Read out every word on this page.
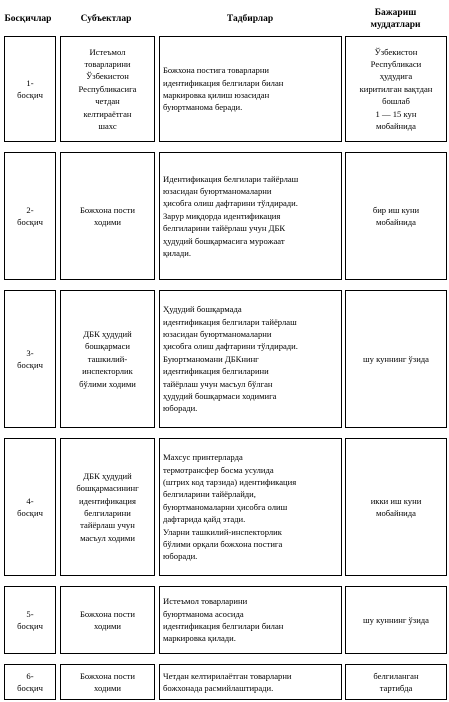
Босқичлар	Субъектлар	Тадбирлар
Бажариш
муддатлари
1-
босқич
Истеъмол
товарларини
Ўзбекистон
Республикасига
четдан
келтираётган
шахс
Божхона постига товарларни
идентификация белгилари билан
маркировка қилиш юзасидан
буюртманома беради.
Ўзбекистон
Республикаси
ҳудудига
киритилган вақтдан
бошлаб
1 — 15 кун
мобайнида
2-
босқич
Божхона пости
ходими
Идентификация белгилари тайёрлаш
юзасидан буюртманомаларни
ҳисобга олиш дафтарини тўлдиради.
Зарур миқдорда идентификация
белгиларини тайёрлаш учун ДБК
ҳудудий бошқармасига мурожаат
қилади.
бир иш куни
мобайнида
3-
босқич
ДБК ҳудудий
бошқармаси
ташкилий-
инспекторлик
бўлими ходими
Ҳудудий бошқармада
идентификация белгилари тайёрлаш
юзасидан буюртманомаларни
ҳисобга олиш дафтарини тўлдиради.
Буюртманомани ДБКнинг
идентификация белгиларини
тайёрлаш учун масъул бўлган
ҳудудий бошқармаси ходимига
юборади.
шу куннинг ўзида
4-
босқич
ДБК ҳудудий
бошқармасининг
идентификация
белгиларини
тайёрлаш учун
масъул ходими
Махсус принтерларда
термотрансфер босма усулида
(штрих код тарзида) идентификация
белгиларини тайёрлайди,
буюртманомаларни ҳисобга олиш
дафтарида қайд этади.
Уларни ташкилий-инспекторлик
бўлими орқали божхона постига
юборади.
икки иш куни
мобайнида
5-
босқич
Божхона пости
ходими
Истеъмол товарларини
буюртманома асосида
идентификация белгилари билан
маркировка қилади.
шу куннинг ўзида
6-
босқич
Божхона пости
ходими
Четдан келтирилаётган товарларни
божхонада расмийлаштиради.
белгиланган
тартибда
